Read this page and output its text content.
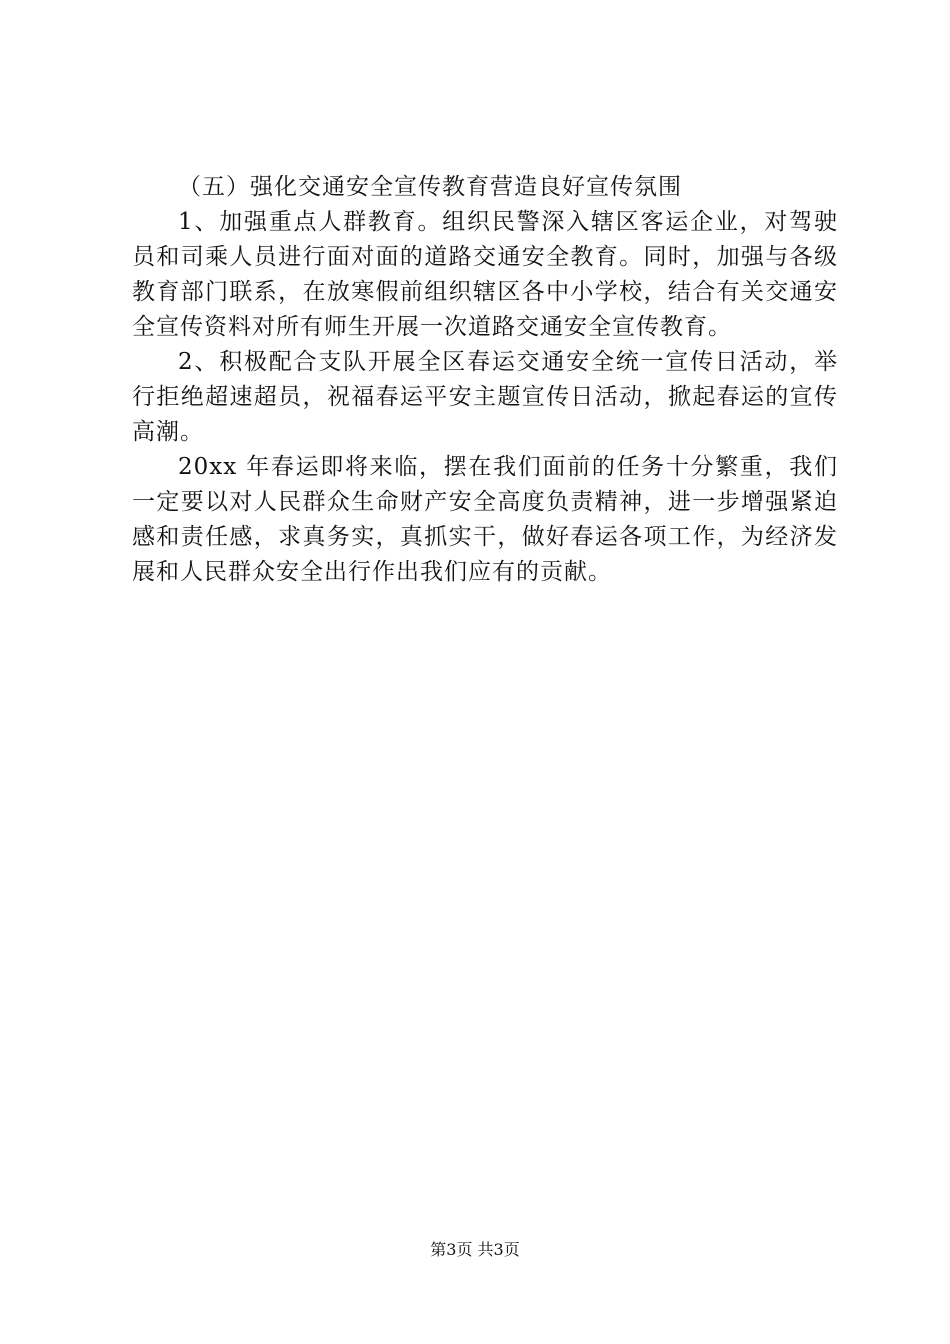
（五）强化交通安全宣传教育营造良好宣传氛围

1、加强重点人群教育。组织民警深入辖区客运企业，对驾驶员和司乘人员进行面对面的道路交通安全教育。同时，加强与各级教育部门联系，在放寒假前组织辖区各中小学校，结合有关交通安全宣传资料对所有师生开展一次道路交通安全宣传教育。

2、积极配合支队开展全区春运交通安全统一宣传日活动，举行拒绝超速超员，祝福春运平安主题宣传日活动，掀起春运的宣传高潮。

20xx 年春运即将来临，摆在我们面前的任务十分繁重，我们一定要以对人民群众生命财产安全高度负责精神，进一步增强紧迫感和责任感，求真务实，真抓实干，做好春运各项工作，为经济发展和人民群众安全出行作出我们应有的贡献。

第3页 共3页
